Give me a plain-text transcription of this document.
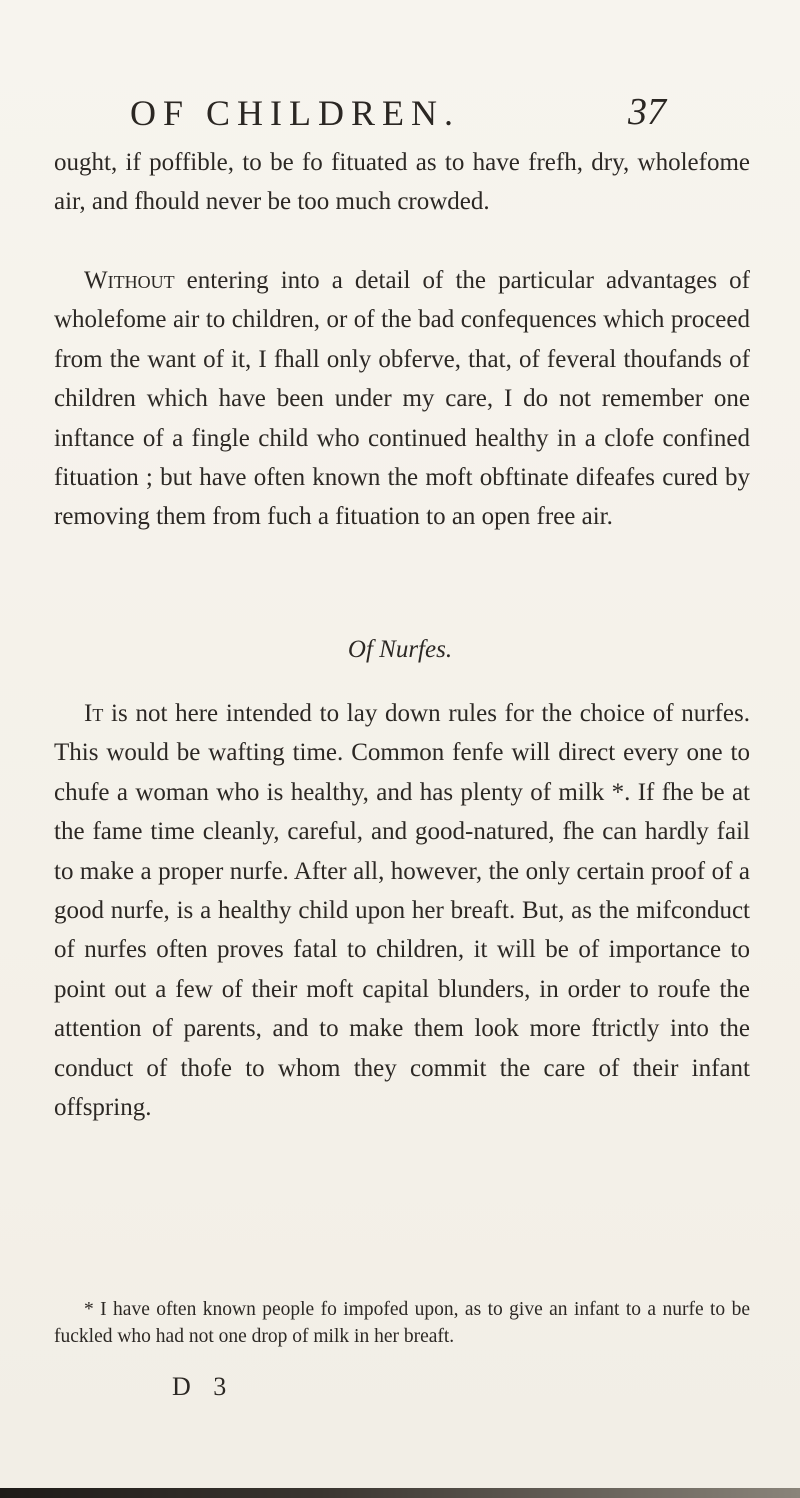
OF CHILDREN.	37

ought, if poffible, to be fo fituated as to have frefh, dry, wholefome air, and fhould never be too much crowded.

Without entering into a detail of the particular advantages of wholefome air to children, or of the bad confequences which proceed from the want of it, I fhall only obferve, that, of feveral thoufands of children which have been under my care, I do not remember one inftance of a fingle child who continued healthy in a clofe confined fituation ; but have often known the moft obftinate difeafes cured by removing them from fuch a fituation to an open free air.

Of Nurfes.

It is not here intended to lay down rules for the choice of nurfes. This would be wafting time. Common fenfe will direct every one to chufe a woman who is healthy, and has plenty of milk *. If fhe be at the fame time cleanly, careful, and good-natured, fhe can hardly fail to make a proper nurfe. After all, however, the only certain proof of a good nurfe, is a healthy child upon her breaft. But, as the mifconduct of nurfes often proves fatal to children, it will be of importance to point out a few of their moft capital blunders, in order to roufe the attention of parents, and to make them look more ftrictly into the conduct of thofe to whom they commit the care of their infant offspring.

* I have often known people fo impofed upon, as to give an infant to a nurfe to be fuckled who had not one drop of milk in her breaft.

D 3
